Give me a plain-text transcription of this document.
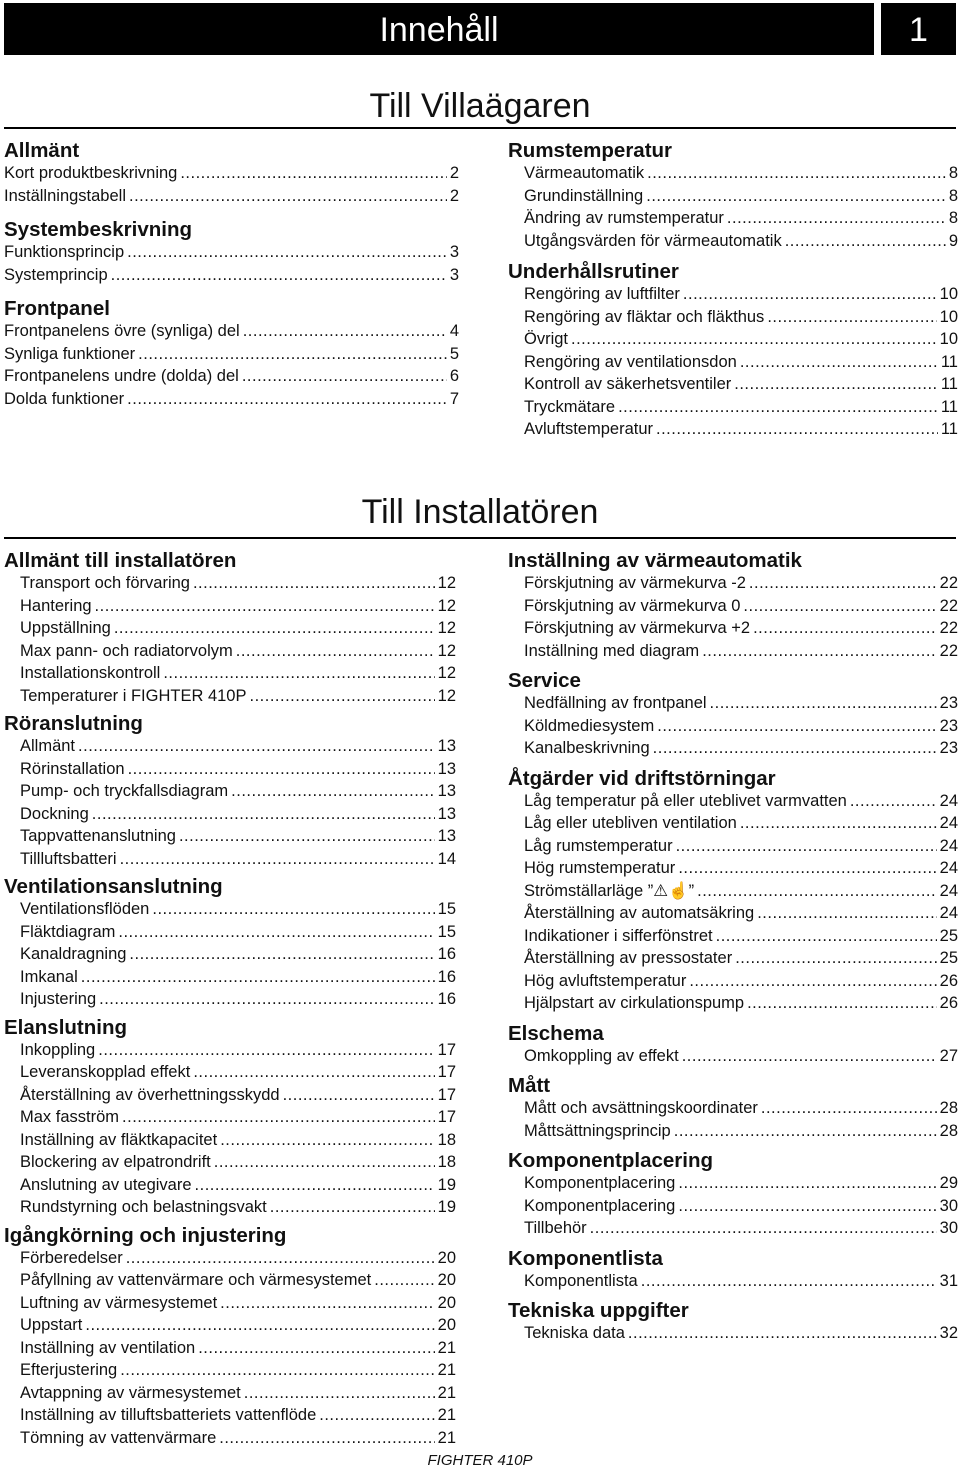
Innehåll	1
Till Villaägaren
Allmänt
Kort produktbeskrivning .....	2
Inställningstabell .....	2
Systembeskrivning
Funktionsprincip .....	3
Systemprincip .....	3
Frontpanel
Frontpanelens övre (synliga) del .....	4
Synliga funktioner .....	5
Frontpanelens undre (dolda) del .....	6
Dolda funktioner .....	7
Rumstemperatur
Värmeautomatik .....	8
Grundinställning .....	8
Ändring av rumstemperatur .....	8
Utgångsvärden för värmeautomatik .....	9
Underhållsrutiner
Rengöring av luftfilter .....	10
Rengöring av fläktar och fläkthus .....	10
Övrigt .....	10
Rengöring av ventilationsdon .....	11
Kontroll av säkerhetsventiler .....	11
Tryckmätare .....	11
Avluftstemperatur .....	11
Till Installatören
Allmänt till installatören
Transport och förvaring .....	12
Hantering .....	12
Uppställning .....	12
Max pann- och radiatorvolym .....	12
Installationskontroll .....	12
Temperaturer i FIGHTER 410P .....	12
Röranslutning
Allmänt .....	13
Rörinstallation .....	13
Pump- och tryckfallsdiagram .....	13
Dockning .....	13
Tappvattenanslutning .....	13
Tillluftsbatteri .....	14
Ventilationsanslutning
Ventilationsflöden .....	15
Fläktdiagram .....	15
Kanaldragning .....	16
Imkanal .....	16
Injustering .....	16
Elanslutning
Inkoppling .....	17
Leveranskopplad effekt .....	17
Återställning av överhettningsskydd .....	17
Max fasström .....	17
Inställning av fläktkapacitet .....	18
Blockering av elpatrondrift .....	18
Anslutning av utegivare .....	19
Rundstyrning och belastningsvakt .....	19
Igångkörning och injustering
Förberedelser .....	20
Påfyllning av vattenvärmare och värmesystemet .....	20
Luftning av värmesystemet .....	20
Uppstart .....	20
Inställning av ventilation .....	21
Efterjustering .....	21
Avtappning av värmesystemet .....	21
Inställning av tilluftsbatteriets vattenflöde .....	21
Tömning av vattenvärmare .....	21
Inställning av värmeautomatik
Förskjutning av värmekurva -2 .....	22
Förskjutning av värmekurva 0 .....	22
Förskjutning av värmekurva +2 .....	22
Inställning med diagram .....	22
Service
Nedfällning av frontpanel .....	23
Köldmediesystem .....	23
Kanalbeskrivning .....	23
Åtgärder vid driftstörningar
Låg temperatur på eller uteblivet varmvatten .....	24
Låg eller utebliven ventilation .....	24
Låg rumstemperatur .....	24
Hög rumstemperatur .....	24
Strömställarläge ”⚠☝” .....	24
Återställning av automatsäkring .....	24
Indikationer i sifferfönstret .....	25
Återställning av pressostater .....	25
Hög avluftstemperatur .....	26
Hjälpstart av cirkulationspump .....	26
Elschema
Omkoppling av effekt .....	27
Mått
Mått och avsättningskoordinater .....	28
Måttsättningsprincip .....	28
Komponentplacering
Komponentplacering .....	29
Komponentplacering .....	30
Tillbehör .....	30
Komponentlista
Komponentlista .....	31
Tekniska uppgifter
Tekniska data .....	32
FIGHTER 410P
